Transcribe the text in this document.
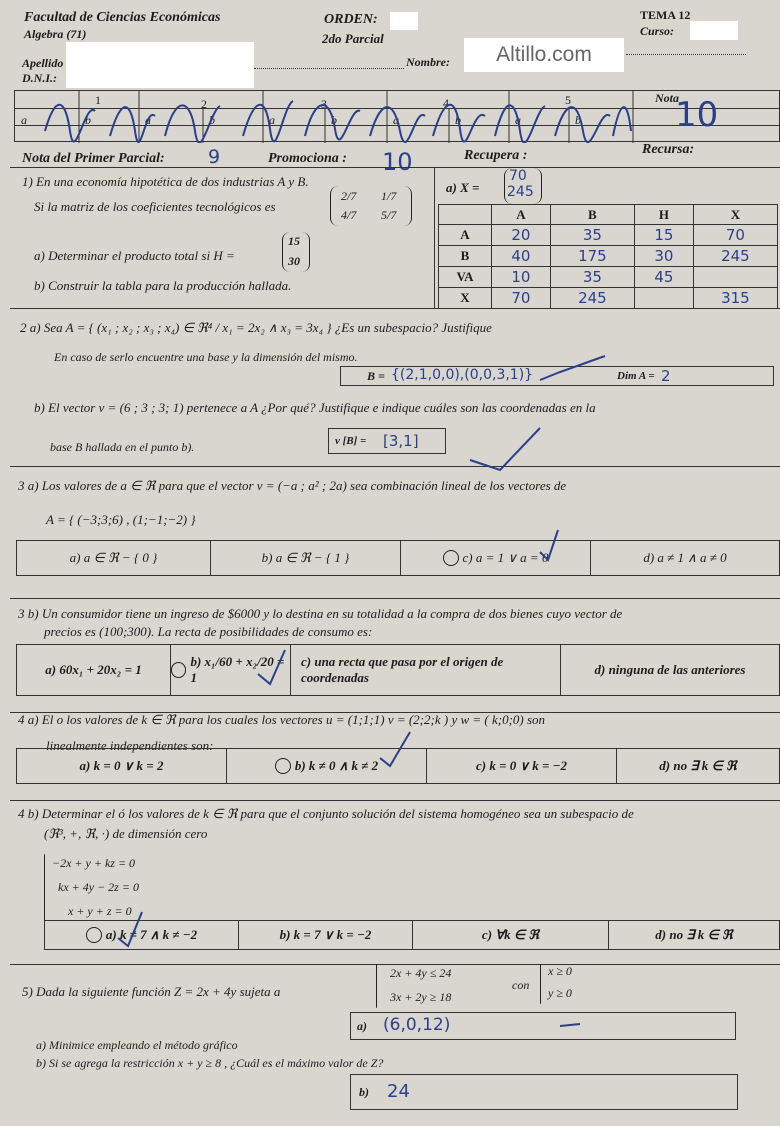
Facultad de Ciencias Económicas
Algebra (71)
ORDEN:
2do Parcial
TEMA 12
Curso:
Apellido	Nombre:	Altillo.com
D.N.I.:
1	2	3	4	5	Nota
a	b	a	b	a	b	a	b	a	b	10
Nota del Primer Parcial: 9	Promociona : 10	Recupera :	Recursa:
1) En una economía hipotética de dos industrias A y B.
Si la matriz de los coeficientes tecnológicos es
2/7 1/7
4/7 5/7
a) Determinar el producto total si H =
15
30
b) Construir la tabla para la producción hallada.
a) X =
70
245
	A	B	H	X
A	20	35	15	70
B	40	175	30	245
VA	10	35	45	
X	70	245		315
2 a) Sea A = { (x₁ ; x₂ ; x₃ ; x₄) ∈ ℜ⁴ / x₁ = 2x₂ ∧ x₃ = 3x₄ } ¿Es un subespacio? Justifique
En caso de serlo encuentre una base y la dimensión del mismo.
B = {(2,1,0,0),(0,0,3,1)}	Dim A = 2
b) El vector v = (6 ; 3 ; 3; 1) pertenece a A ¿Por qué? Justifique e indique cuáles son las coordenadas en la
base B hallada en el punto b).	v [B] = [3,1]
3 a) Los valores de a ∈ ℜ para que el vector v = (−a ; a² ; 2a) sea combinación lineal de los vectores de
A = { (−3;3;6) , (1;−1;−2) }
a) a ∈ ℜ − { 0 }	b) a ∈ ℜ − { 1 }	c) a = 1 ∨ a = 0	d) a ≠ 1 ∧ a ≠ 0
3 b) Un consumidor tiene un ingreso de $6000 y lo destina en su totalidad a la compra de dos bienes cuyo vector de
precios es (100;300). La recta de posibilidades de consumo es:
a) 60x₁ + 20x₂ = 1
b) x₁/60 + x₂/20 = 1
c) una recta que pasa por el origen de coordenadas
d) ninguna de las anteriores
4 a) El o los valores de k ∈ ℜ para los cuales los vectores u = (1;1;1) v = (2;2;k ) y w = ( k;0;0) son
linealmente independientes son:
a) k = 0 ∨ k = 2	b) k ≠ 0 ∧ k ≠ 2	c) k = 0 ∨ k = −2	d) no ∃ k ∈ ℜ
4 b) Determinar el ó los valores de k ∈ ℜ para que el conjunto solución del sistema homogéneo sea un subespacio de
(ℜ³, +, ℜ, ·) de dimensión cero
−2x + y + kz = 0
kx + 4y − 2z = 0
x + y + z = 0
a) k ≠ 7 ∧ k ≠ −2	b) k = 7 ∨ k = −2	c) ∀k ∈ ℜ	d) no ∃ k ∈ ℜ
5) Dada la siguiente función Z = 2x + 4y sujeta a
2x + 4y ≤ 24
3x + 2y ≥ 18
con
x ≥ 0
y ≥ 0
a) (6,0,12)
a) Minimice empleando el método gráfico
b) Si se agrega la restricción x + y ≥ 8 , ¿Cuál es el máximo valor de Z?
b) 24
